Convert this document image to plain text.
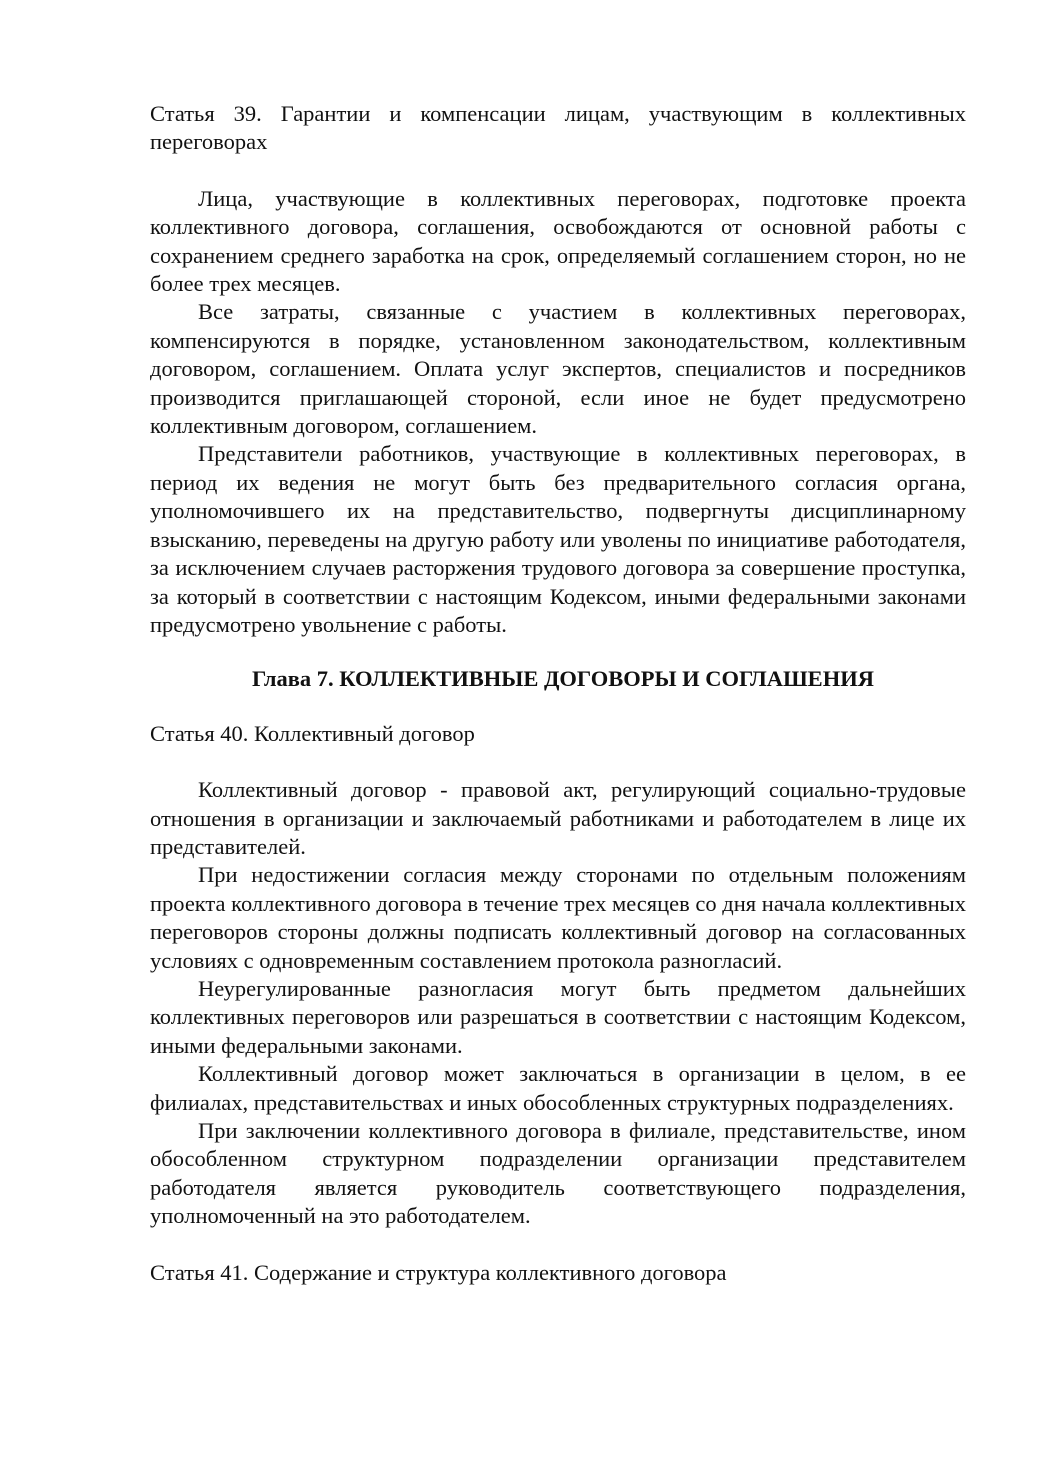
Статья 39. Гарантии и компенсации лицам, участвующим в коллективных переговорах

Лица, участвующие в коллективных переговорах, подготовке проекта коллективного договора, соглашения, освобождаются от основной работы с сохранением среднего заработка на срок, определяемый соглашением сторон, но не более трех месяцев.

Все затраты, связанные с участием в коллективных переговорах, компенсируются в порядке, установленном законодательством, коллективным договором, соглашением. Оплата услуг экспертов, специалистов и посредников производится приглашающей стороной, если иное не будет предусмотрено коллективным договором, соглашением.

Представители работников, участвующие в коллективных переговорах, в период их ведения не могут быть без предварительного согласия органа, уполномочившего их на представительство, подвергнуты дисциплинарному взысканию, переведены на другую работу или уволены по инициативе работодателя, за исключением случаев расторжения трудового договора за совершение проступка, за который в соответствии с настоящим Кодексом, иными федеральными законами предусмотрено увольнение с работы.

Глава 7. КОЛЛЕКТИВНЫЕ ДОГОВОРЫ И СОГЛАШЕНИЯ
Статья 40. Коллективный договор

Коллективный договор - правовой акт, регулирующий социально-трудовые отношения в организации и заключаемый работниками и работодателем в лице их представителей.

При недостижении согласия между сторонами по отдельным положениям проекта коллективного договора в течение трех месяцев со дня начала коллективных переговоров стороны должны подписать коллективный договор на согласованных условиях с одновременным составлением протокола разногласий.

Неурегулированные разногласия могут быть предметом дальнейших коллективных переговоров или разрешаться в соответствии с настоящим Кодексом, иными федеральными законами.

Коллективный договор может заключаться в организации в целом, в ее филиалах, представительствах и иных обособленных структурных подразделениях.

При заключении коллективного договора в филиале, представительстве, ином обособленном структурном подразделении организации представителем работодателя является руководитель соответствующего подразделения, уполномоченный на это работодателем.

Статья 41. Содержание и структура коллективного договора
